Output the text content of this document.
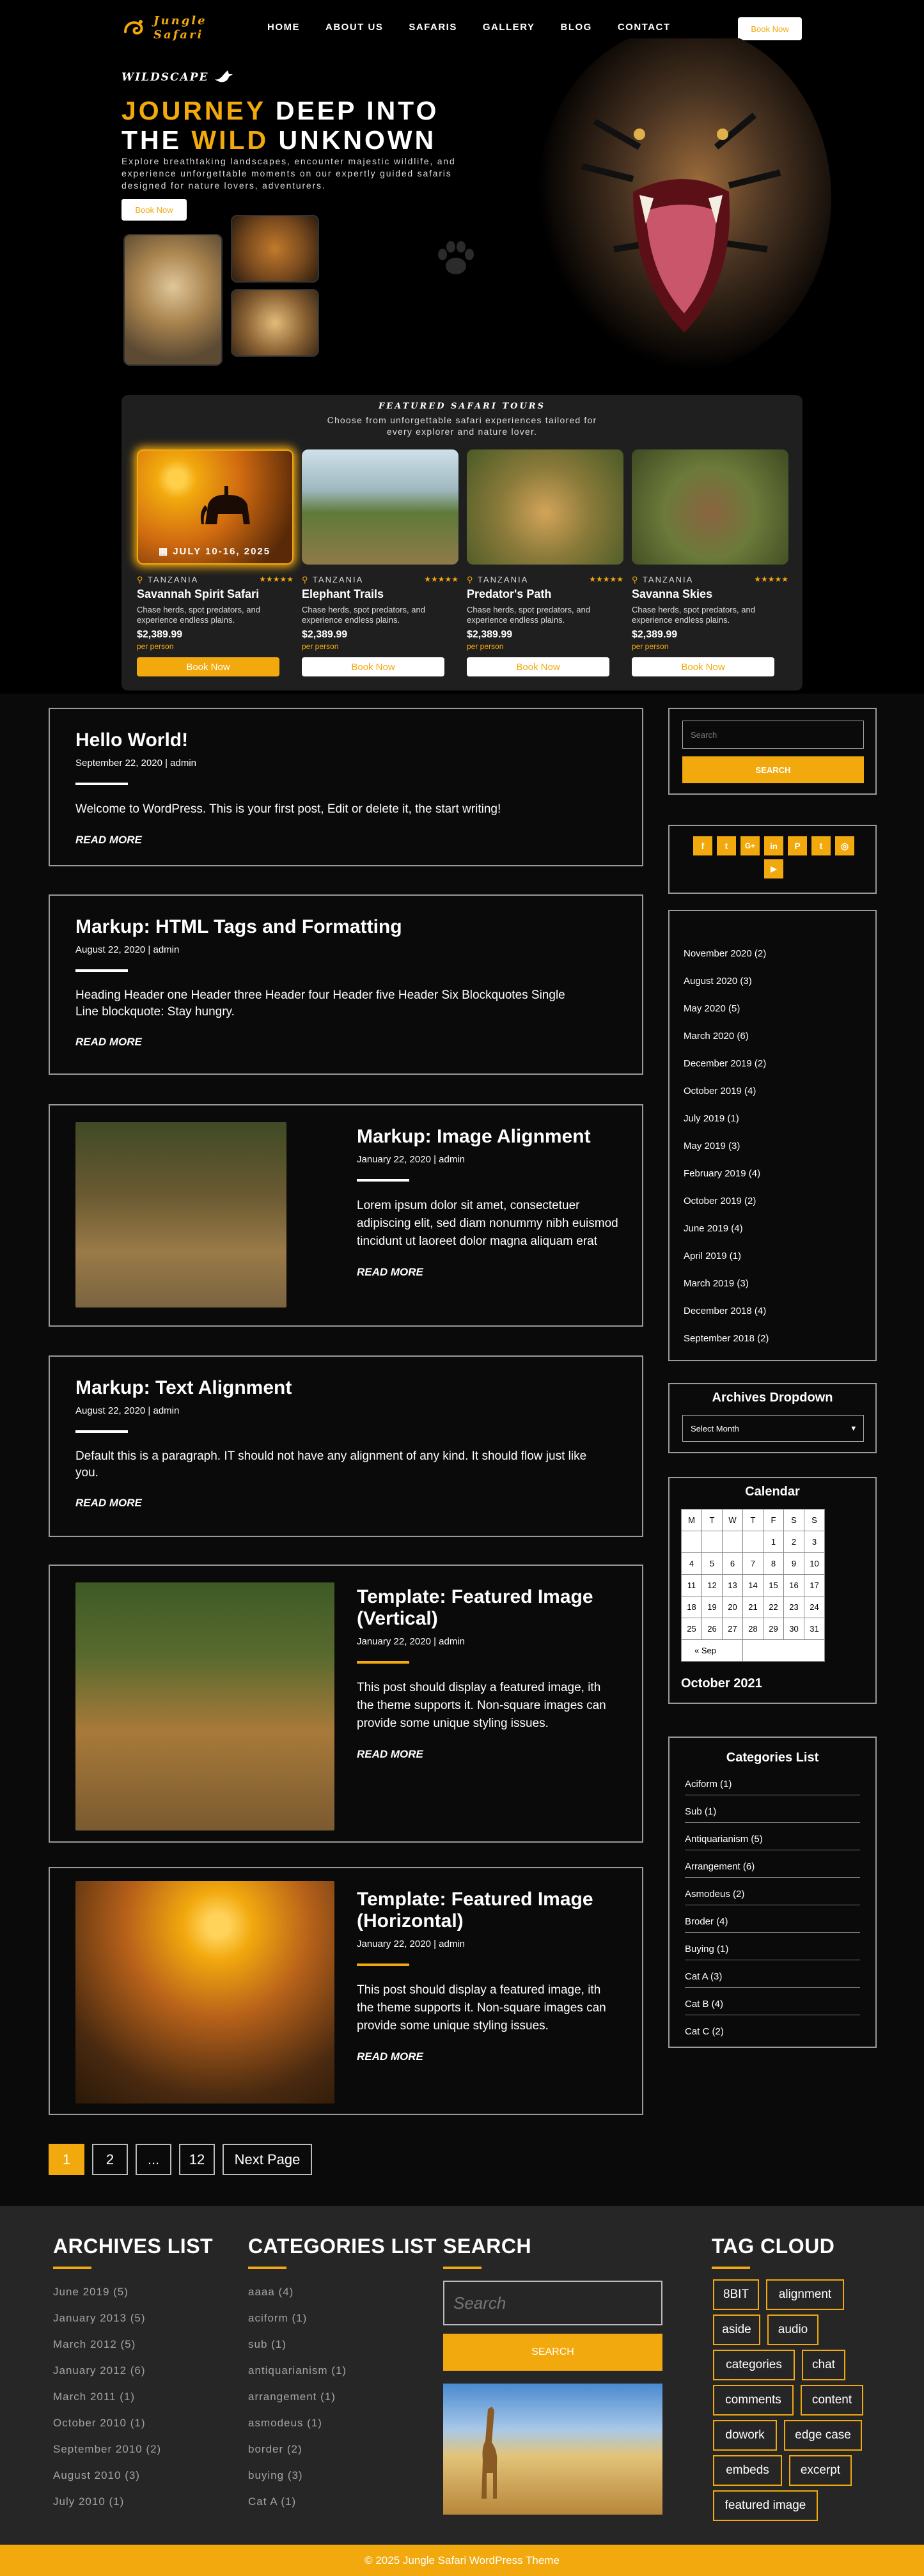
Jungle
Safari
HOME	ABOUT US	SAFARIS	GALLERY	BLOG	CONTACT	Book Now
WILDSCAPE
JOURNEY DEEP INTO
THE WILD UNKNOWN

Explore breathtaking landscapes, encounter majestic wildlife, and experience unforgettable moments on our expertly guided safaris designed for nature lovers, adventurers.

Book Now
FEATURED SAFARI TOURS
Choose from unforgettable safari experiences tailored for every explorer and nature lover.
▦ JULY 10-16, 2025
⚲ TANZANIA	★★★★★
Savannah Spirit Safari
Chase herds, spot predators, and experience endless plains.
$2,389.99
per person
Book Now
⚲ TANZANIA	★★★★★
Elephant Trails
Chase herds, spot predators, and experience endless plains.
$2,389.99
per person
Book Now
⚲ TANZANIA	★★★★★
Predator's Path
Chase herds, spot predators, and experience endless plains.
$2,389.99
per person
Book Now
⚲ TANZANIA	★★★★★
Savanna Skies
Chase herds, spot predators, and experience endless plains.
$2,389.99
per person
Book Now
Hello World!
September 22, 2020 | admin
Welcome to WordPress. This is your first post, Edit or delete it, the start writing!
READ MORE
Markup: HTML Tags and Formatting
August 22, 2020 | admin
Heading Header one Header three Header four Header five Header Six Blockquotes Single Line blockquote: Stay hungry.
READ MORE
Markup: Image Alignment
January 22, 2020 | admin
Lorem ipsum dolor sit amet, consectetuer adipiscing elit, sed diam nonummy nibh euismod tincidunt ut laoreet dolor magna aliquam erat
READ MORE
Markup: Text Alignment
August 22, 2020 | admin
Default this is a paragraph. IT should not have any alignment of any kind. It should flow just like you.
READ MORE
Template: Featured Image (Vertical)
January 22, 2020 | admin
This post should display a featured image, ith the theme supports it. Non-square images can provide some unique styling issues.
READ MORE
Template: Featured Image (Horizontal)
January 22, 2020 | admin
This post should display a featured image, ith the theme supports it. Non-square images can provide some unique styling issues.
READ MORE
1	2	...	12	Next Page
Search
SEARCH
f	t	G+	in	P	t	◎
▶
November 2020 (2)
August 2020 (3)
May 2020 (5)
March 2020 (6)
December 2019 (2)
October 2019 (4)
July 2019 (1)
May 2019 (3)
February 2019 (4)
October 2019 (2)
June 2019 (4)
April 2019 (1)
March 2019 (3)
December 2018 (4)
September 2018 (2)
Archives Dropdown
Select Month	▾
Calendar
M	T	W	T	F	S	S
				1	2	3
4	5	6	7	8	9	10
11	12	13	14	15	16	17
18	19	20	21	22	23	24
25	26	27	28	29	30	31
« Sep						
October 2021
Categories List
Aciform (1)
Sub (1)
Antiquarianism (5)
Arrangement (6)
Asmodeus (2)
Broder (4)
Buying (1)
Cat A (3)
Cat B (4)
Cat C (2)
ARCHIVES LIST
June 2019 (5)
January 2013 (5)
March 2012 (5)
January 2012 (6)
March 2011 (1)
October 2010 (1)
September 2010 (2)
August 2010 (3)
July 2010 (1)
CATEGORIES LIST
aaaa (4)
aciform (1)
sub (1)
antiquarianism (1)
arrangement (1)
asmodeus (1)
border (2)
buying (3)
Cat A (1)
SEARCH
Search
SEARCH
TAG CLOUD
8BIT	alignment
aside	audio
categories	chat
comments	content
dowork	edge case
embeds	excerpt
featured image
© 2025 Jungle Safari WordPress Theme
